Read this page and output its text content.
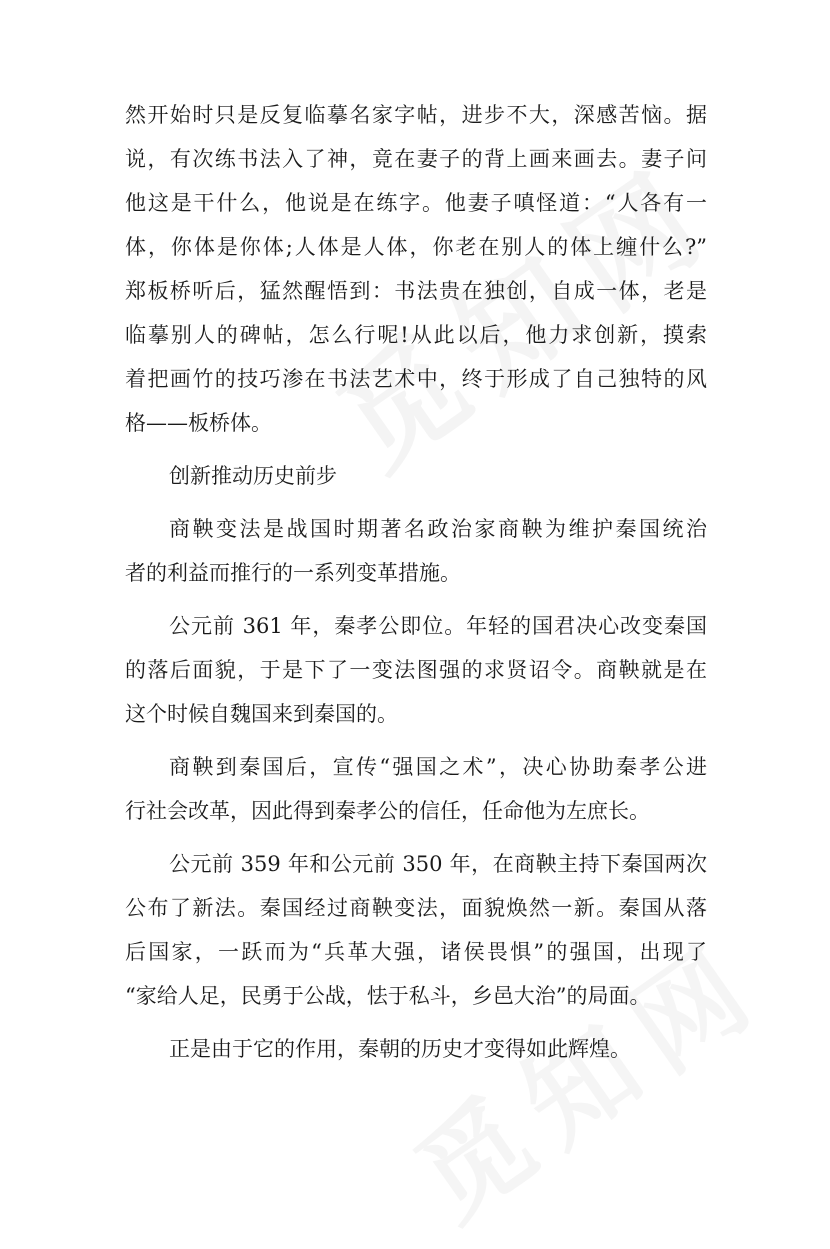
然开始时只是反复临摹名家字帖，进步不大，深感苦恼。据
说，有次练书法入了神，竟在妻子的背上画来画去。妻子问
他这是干什么，他说是在练字。他妻子嗔怪道：“人各有一
体，你体是你体;人体是人体，你老在别人的体上缠什么?”
郑板桥听后，猛然醒悟到：书法贵在独创，自成一体，老是
临摹别人的碑帖，怎么行呢!从此以后，他力求创新，摸索
着把画竹的技巧渗在书法艺术中，终于形成了自己独特的风
格——板桥体。
创新推动历史前步
商鞅变法是战国时期著名政治家商鞅为维护秦国统治
者的利益而推行的一系列变革措施。
公元前 361 年，秦孝公即位。年轻的国君决心改变秦国
的落后面貌，于是下了一变法图强的求贤诏令。商鞅就是在
这个时候自魏国来到秦国的。
商鞅到秦国后，宣传“强国之术”，决心协助秦孝公进
行社会改革，因此得到秦孝公的信任，任命他为左庶长。
公元前 359 年和公元前 350 年，在商鞅主持下秦国两次
公布了新法。秦国经过商鞅变法，面貌焕然一新。秦国从落
后国家，一跃而为“兵革大强，诸侯畏惧”的强国，出现了
“家给人足，民勇于公战，怯于私斗，乡邑大治”的局面。
正是由于它的作用，秦朝的历史才变得如此辉煌。
